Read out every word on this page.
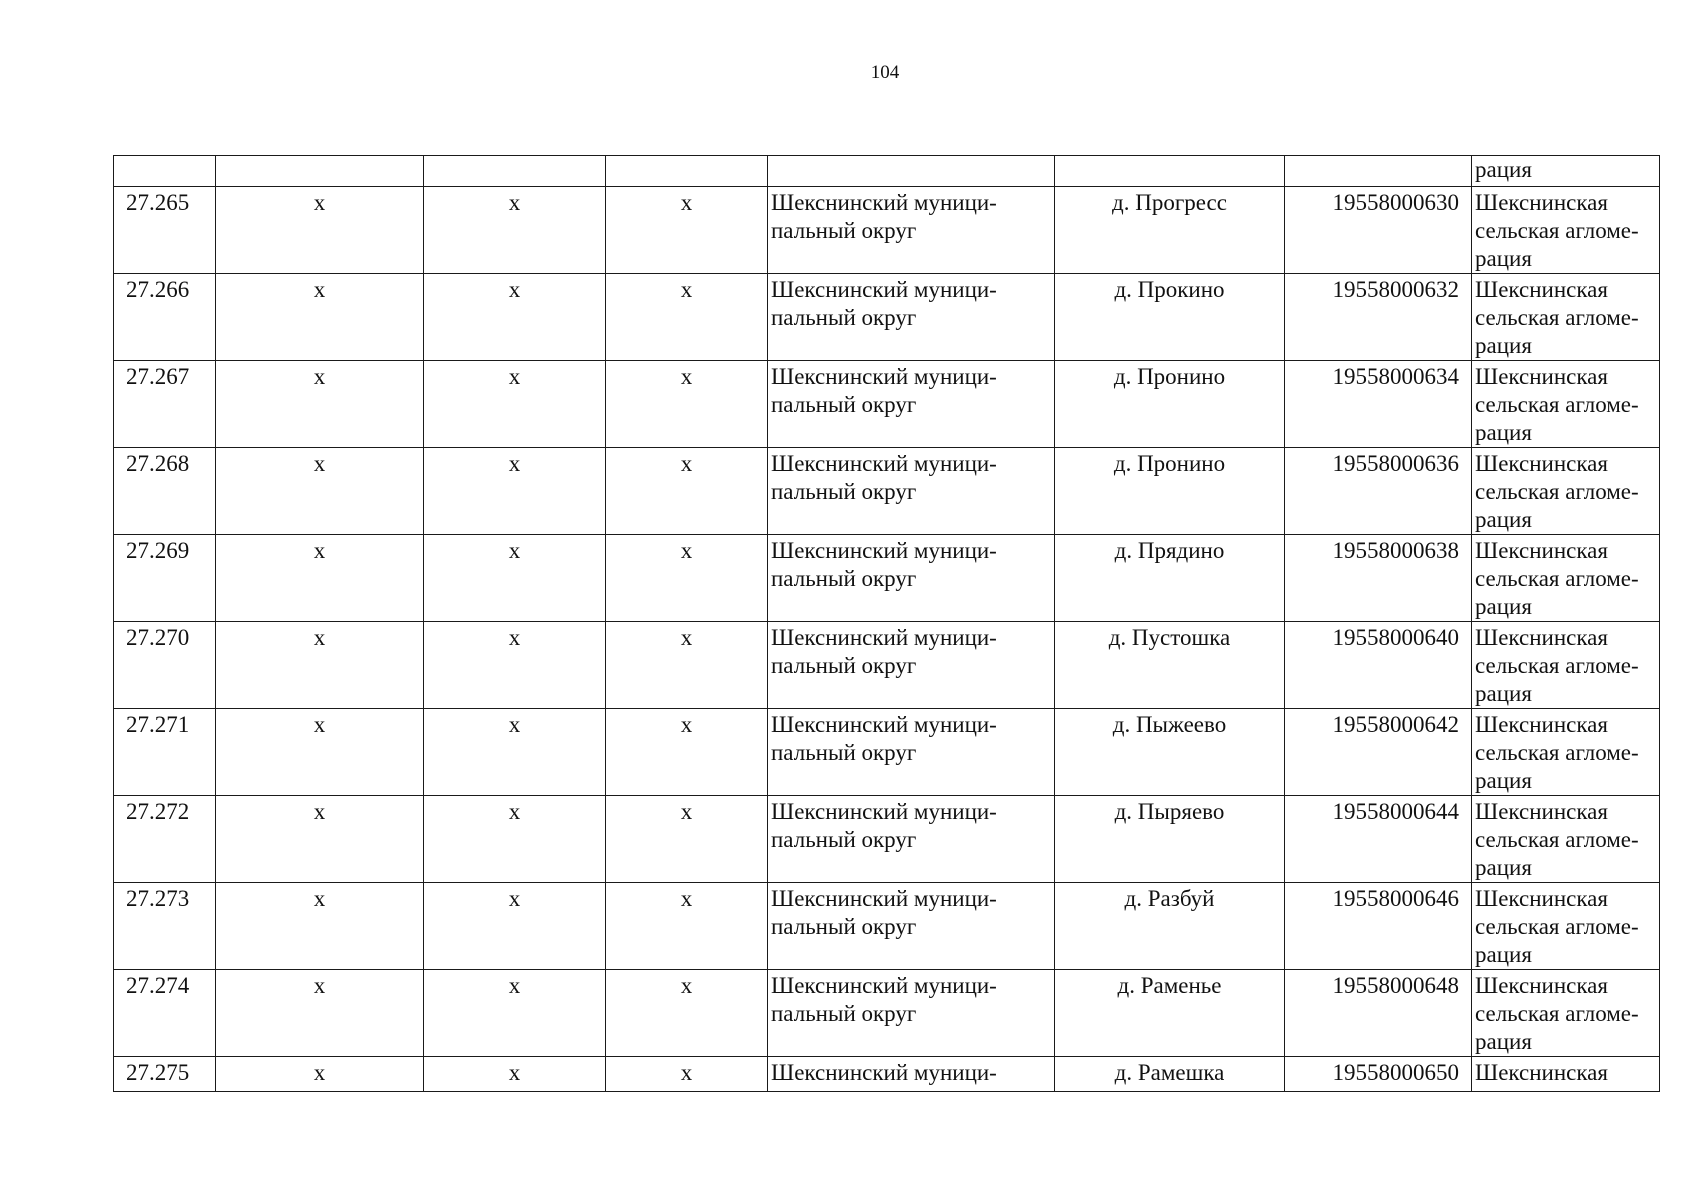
104
							рация
27.265	х	х	х	Шекснинский муници-пальный округ	д. Прогресс	19558000630	Шекснинская сельская агломе-рация
27.266	х	х	х	Шекснинский муници-пальный округ	д. Прокино	19558000632	Шекснинская сельская агломе-рация
27.267	х	х	х	Шекснинский муници-пальный округ	д. Пронино	19558000634	Шекснинская сельская агломе-рация
27.268	х	х	х	Шекснинский муници-пальный округ	д. Пронино	19558000636	Шекснинская сельская агломе-рация
27.269	х	х	х	Шекснинский муници-пальный округ	д. Прядино	19558000638	Шекснинская сельская агломе-рация
27.270	х	х	х	Шекснинский муници-пальный округ	д. Пустошка	19558000640	Шекснинская сельская агломе-рация
27.271	х	х	х	Шекснинский муници-пальный округ	д. Пыжеево	19558000642	Шекснинская сельская агломе-рация
27.272	х	х	х	Шекснинский муници-пальный округ	д. Пыряево	19558000644	Шекснинская сельская агломе-рация
27.273	х	х	х	Шекснинский муници-пальный округ	д. Разбуй	19558000646	Шекснинская сельская агломе-рация
27.274	х	х	х	Шекснинский муници-пальный округ	д. Раменье	19558000648	Шекснинская сельская агломе-рация
27.275	х	х	х	Шекснинский муници-	д. Рамешка	19558000650	Шекснинская
